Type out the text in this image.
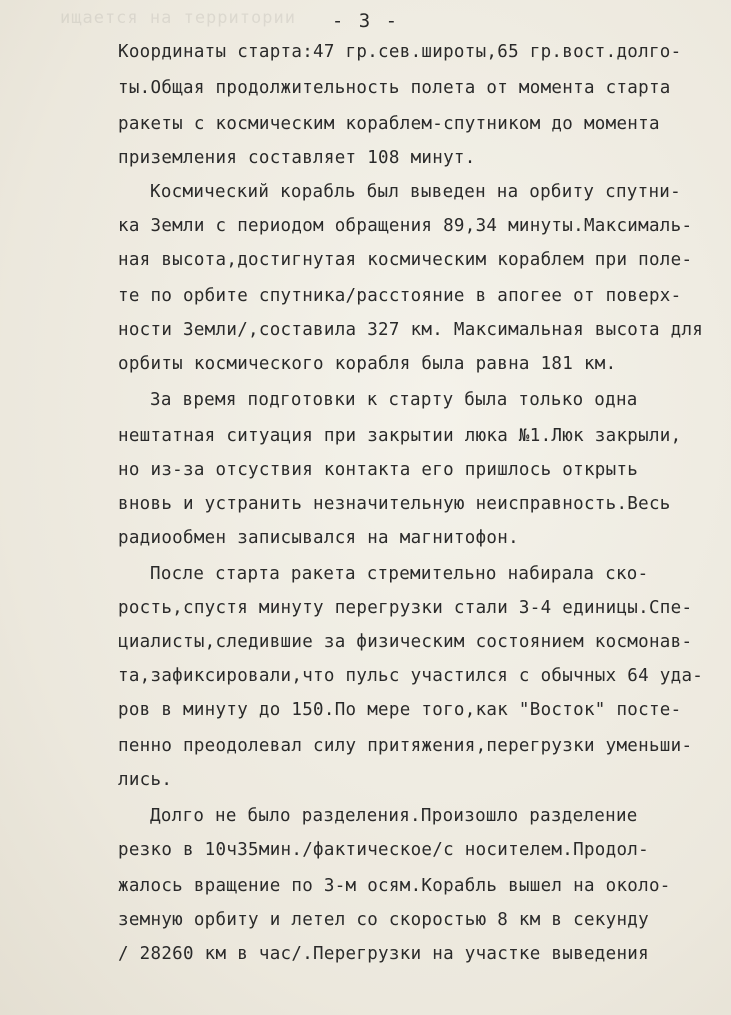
ищается на территории	- 3 -
Координаты старта:47 гр.сев.широты,65 гр.вост.долго-
ты.Общая продолжительность полета от момента старта
ракеты с космическим кораблем-спутником до момента
приземления составляет 108 минут.
Космический корабль был выведен на орбиту спутни-
ка Земли с периодом обращения 89,34 минуты.Максималь-
ная высота,достигнутая космическим кораблем при поле-
те по орбите спутника/расстояние в апогее от поверх-
ности Земли/,составила 327 км. Максимальная высота для
орбиты космического корабля была равна 181 км.
За время подготовки к старту была только одна
нештатная ситуация при закрытии люка №1.Люк закрыли,
но из-за отсуствия контакта его пришлось открыть
вновь и устранить незначительную неисправность.Весь
радиообмен записывался на магнитофон.
После старта ракета стремительно набирала ско-
рость,спустя минуту перегрузки стали 3-4 единицы.Спе-
циалисты,следившие за физическим состоянием космонав-
та,зафиксировали,что пульс участился с обычных 64 уда-
ров в минуту до 150.По мере того,как "Восток" посте-
пенно преодолевал силу притяжения,перегрузки уменьши-
лись.
Долго не было разделения.Произошло разделение
резко в 10ч35мин./фактическое/с носителем.Продол-
жалось вращение по 3-м осям.Корабль вышел на около-
земную орбиту и летел со скоростью 8 км в секунду
/ 28260 км в час/.Перегрузки на участке выведения
